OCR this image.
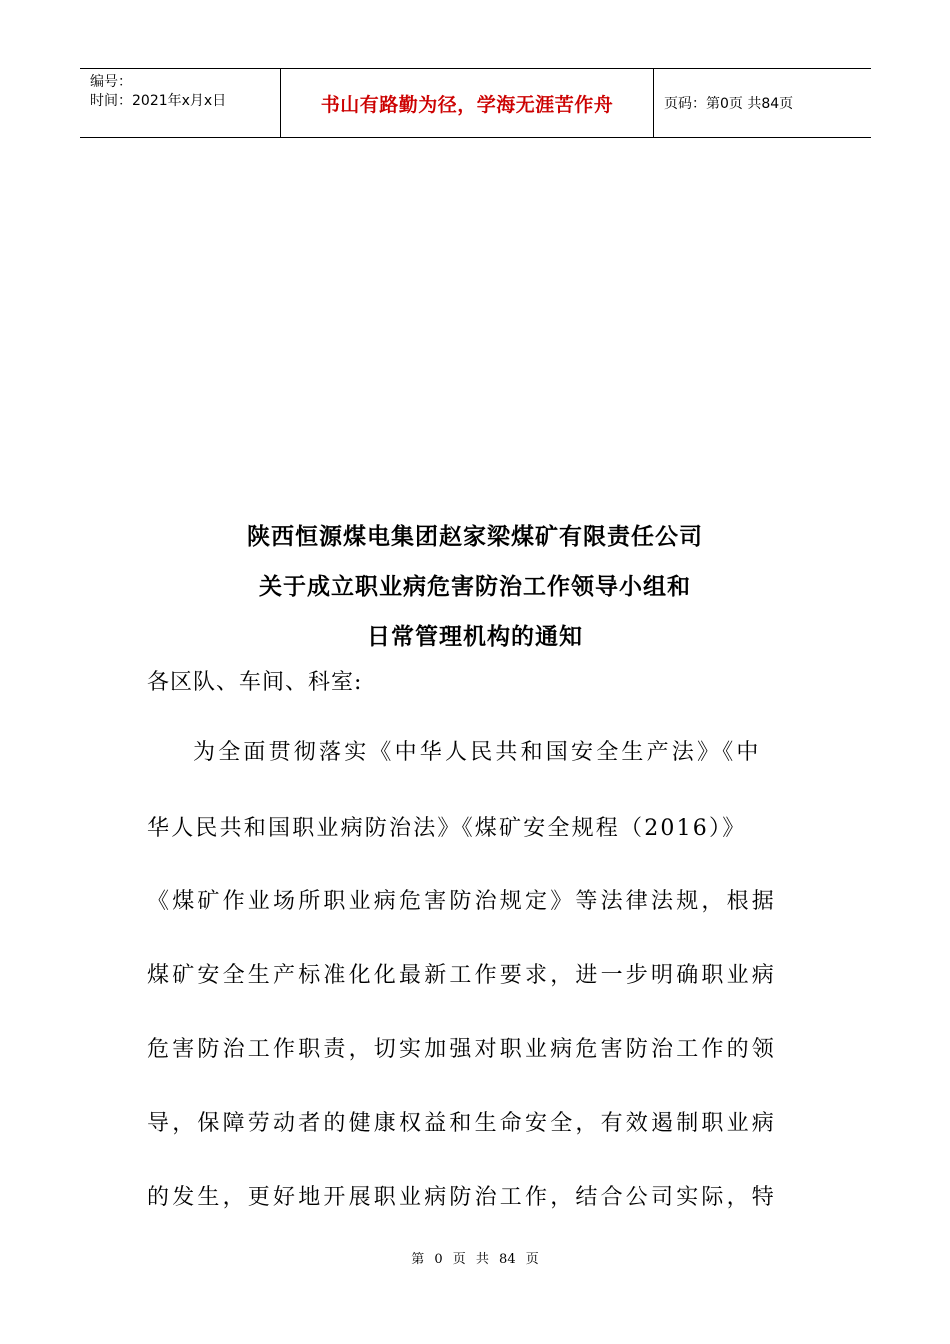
编号：
时间：2021年x月x日	书山有路勤为径，学海无涯苦作舟	页码：第0页 共84页
陕西恒源煤电集团赵家梁煤矿有限责任公司
关于成立职业病危害防治工作领导小组和
日常管理机构的通知

各区队、车间、科室:

为全面贯彻落实《中华人民共和国安全生产法》《中

华人民共和国职业病防治法》《煤矿安全规程（2016）》

《煤矿作业场所职业病危害防治规定》等法律法规，根据

煤矿安全生产标准化化最新工作要求，进一步明确职业病

危害防治工作职责，切实加强对职业病危害防治工作的领

导，保障劳动者的健康权益和生命安全，有效遏制职业病

的发生，更好地开展职业病防治工作，结合公司实际，特

第 0 页 共 84 页
